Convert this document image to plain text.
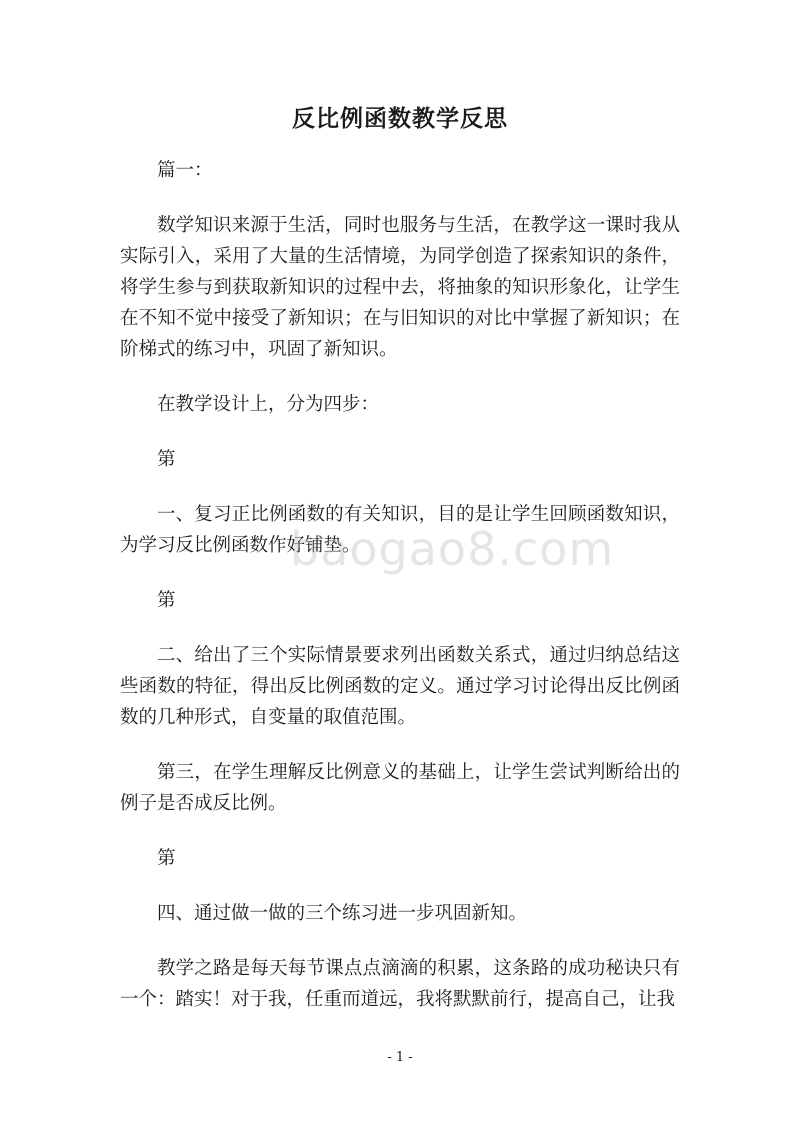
反比例函数教学反思

篇一：

数学知识来源于生活，同时也服务与生活，在教学这一课时我从实际引入，采用了大量的生活情境，为同学创造了探索知识的条件，将学生参与到获取新知识的过程中去，将抽象的知识形象化，让学生在不知不觉中接受了新知识；在与旧知识的对比中掌握了新知识；在阶梯式的练习中，巩固了新知识。

在教学设计上，分为四步：

第

一、复习正比例函数的有关知识，目的是让学生回顾函数知识，为学习反比例函数作好铺垫。

第

二、给出了三个实际情景要求列出函数关系式，通过归纳总结这些函数的特征，得出反比例函数的定义。通过学习讨论得出反比例函数的几种形式，自变量的取值范围。

第三，在学生理解反比例意义的基础上，让学生尝试判断给出的例子是否成反比例。

第

四、通过做一做的三个练习进一步巩固新知。

教学之路是每天每节课点点滴滴的积累，这条路的成功秘诀只有一个：踏实！对于我，任重而道远，我将默默前行，提高自己，让我

baogao8.com
- 1 -
